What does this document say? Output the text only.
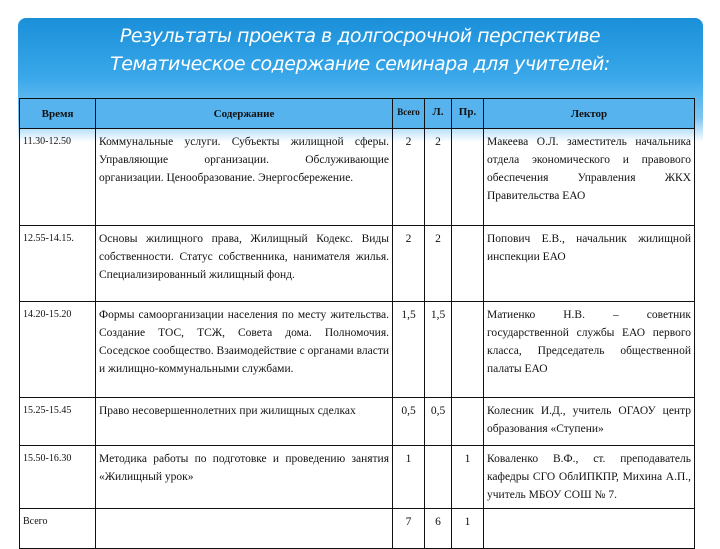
Результаты проекта в долгосрочной перспективе
Тематическое содержание семинара для учителей:
Время	Содержание	Всего	Л.	Пр.	Лектор
11.30-12.50	Коммунальные услуги. Субъекты жилищной сферы. Управляющие организации. Обслуживающие организации. Ценообразование. Энергосбережение.	2	2		Макеева О.Л. заместитель начальника отдела экономического и правового обеспечения Управления ЖКХ Правительства ЕАО
12.55-14.15.	Основы жилищного права, Жилищный Кодекс. Виды собственности. Статус собственника, нанимателя жилья. Специализированный жилищный фонд.	2	2		Попович Е.В., начальник жилищной инспекции ЕАО
14.20-15.20	Формы самоорганизации населения по месту жительства. Создание ТОС, ТСЖ, Совета дома. Полномочия. Соседское сообщество. Взаимодействие с органами власти и жилищно-коммунальными службами.	1,5	1,5		Матиенко Н.В. – советник государственной службы ЕАО первого класса, Председатель общественной палаты ЕАО
15.25-15.45	Право несовершеннолетних при жилищных сделках	0,5	0,5		Колесник И.Д., учитель ОГАОУ центр образования «Ступени»
15.50-16.30	Методика работы по подготовке и проведению занятия «Жилищный урок»	1		1	Коваленко В.Ф., ст. преподаватель кафедры СГО ОблИПКПР, Михина А.П., учитель МБОУ СОШ № 7.
Всего		7	6	1	
